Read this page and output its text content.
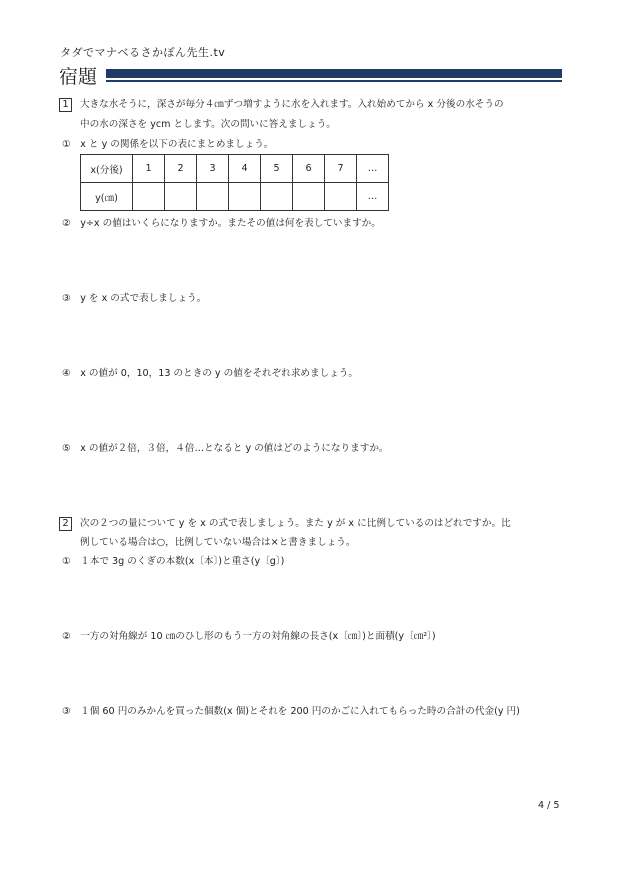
タダでマナベるさかぽん先生.tv
宿題
1	大きな水そうに，深さが毎分４㎝ずつ増すように水を入れます。入れ始めてから x 分後の水そうの
中の水の深さを ycm とします。次の問いに答えましょう。
①　x と y の関係を以下の表にまとめましょう。
x(分後)	1	2	3	4	5	6	7	…
y(㎝)								…
②　y÷x の値はいくらになりますか。またその値は何を表していますか。
③　y を x の式で表しましょう。
④　x の値が 0，10，13 のときの y の値をそれぞれ求めましょう。
⑤　x の値が２倍，３倍，４倍…となると y の値はどのようになりますか。
2	次の２つの量について y を x の式で表しましょう。また y が x に比例しているのはどれですか。比
例している場合は○，比例していない場合は×と書きましょう。
①　１本で 3g のくぎの本数(x〔本〕)と重さ(y〔g〕)
②　一方の対角線が 10 ㎝のひし形のもう一方の対角線の長さ(x〔㎝〕)と面積(y〔㎝²〕)
③　１個 60 円のみかんを買った個数(x 個)とそれを 200 円のかごに入れてもらった時の合計の代金(y 円)
4 / 5
